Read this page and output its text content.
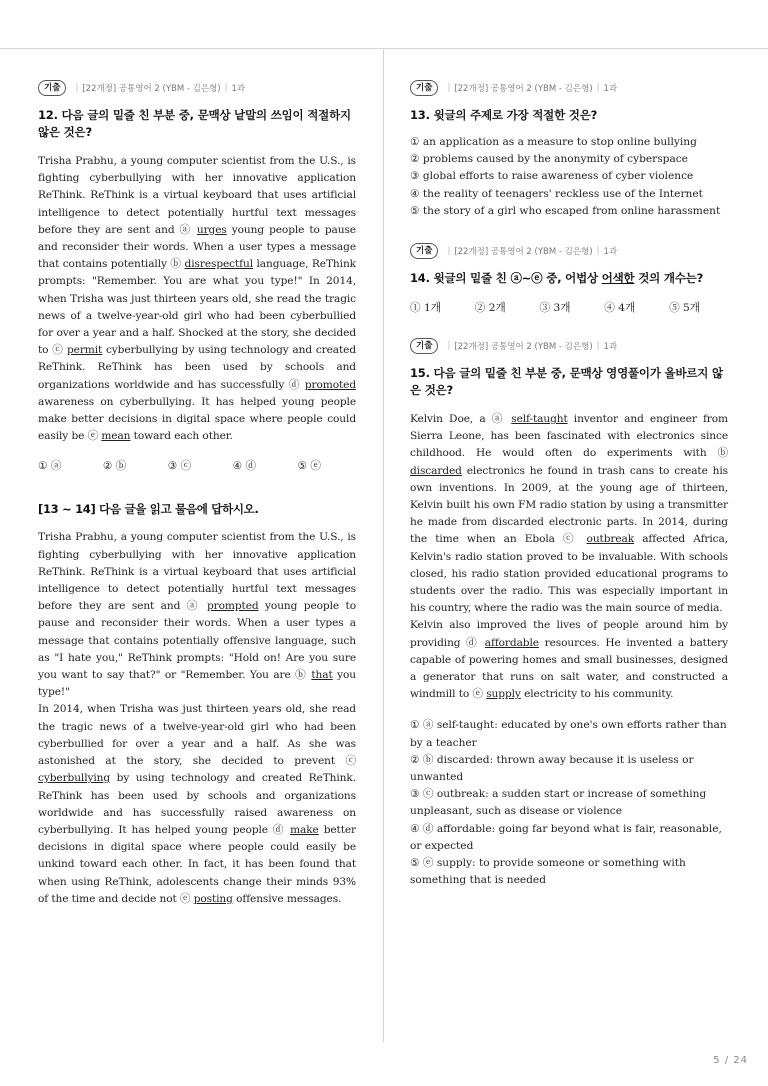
기출	| [22개정] 공통영어 2 (YBM - 김은형) | 1과
12. 다음 글의 밑줄 친 부분 중, 문맥상 낱말의 쓰임이 적절하지 않은 것은?

Trisha Prabhu, a young computer scientist from the U.S., is fighting cyberbullying with her innovative application ReThink. ReThink is a virtual keyboard that uses artificial intelligence to detect potentially hurtful text messages before they are sent and ⓐ urges young people to pause and reconsider their words. When a user types a message that contains potentially ⓑ disrespectful language, ReThink prompts: "Remember. You are what you type!" In 2014, when Trisha was just thirteen years old, she read the tragic news of a twelve-year-old girl who had been cyberbullied for over a year and a half. Shocked at the story, she decided to ⓒ permit cyberbullying by using technology and created ReThink. ReThink has been used by schools and organizations worldwide and has successfully ⓓ promoted awareness on cyberbullying. It has helped young people make better decisions in digital space where people could easily be ⓔ mean toward each other.

① ⓐ	② ⓑ	③ ⓒ	④ ⓓ	⑤ ⓔ
[13 ~ 14] 다음 글을 읽고 물음에 답하시오.

Trisha Prabhu, a young computer scientist from the U.S., is fighting cyberbullying with her innovative application ReThink. ReThink is a virtual keyboard that uses artificial intelligence to detect potentially hurtful text messages before they are sent and ⓐ prompted young people to pause and reconsider their words. When a user types a message that contains potentially offensive language, such as "I hate you," ReThink prompts: "Hold on! Are you sure you want to say that?" or "Remember. You are ⓑ that you type!"

In 2014, when Trisha was just thirteen years old, she read the tragic news of a twelve-year-old girl who had been cyberbullied for over a year and a half. As she was astonished at the story, she decided to prevent ⓒ cyberbullying by using technology and created ReThink. ReThink has been used by schools and organizations worldwide and has successfully raised awareness on cyberbullying. It has helped young people ⓓ make better decisions in digital space where people could easily be unkind toward each other. In fact, it has been found that when using ReThink, adolescents change their minds 93% of the time and decide not ⓔ posting offensive messages.

기출	| [22개정] 공통영어 2 (YBM - 김은형) | 1과
13. 윗글의 주제로 가장 적절한 것은?
① an application as a measure to stop online bullying
② problems caused by the anonymity of cyberspace
③ global efforts to raise awareness of cyber violence
④ the reality of teenagers' reckless use of the Internet
⑤ the story of a girl who escaped from online harassment
기출	| [22개정] 공통영어 2 (YBM - 김은형) | 1과
14. 윗글의 밑줄 친 ⓐ~ⓔ 중, 어법상 어색한 것의 개수는?
① 1개	② 2개	③ 3개	④ 4개	⑤ 5개
기출	| [22개정] 공통영어 2 (YBM - 김은형) | 1과
15. 다음 글의 밑줄 친 부분 중, 문맥상 영영풀이가 올바르지 않은 것은?

Kelvin Doe, a ⓐ self-taught inventor and engineer from Sierra Leone, has been fascinated with electronics since childhood. He would often do experiments with ⓑ discarded electronics he found in trash cans to create his own inventions. In 2009, at the young age of thirteen, Kelvin built his own FM radio station by using a transmitter he made from discarded electronic parts. In 2014, during the time when an Ebola ⓒ outbreak affected Africa, Kelvin's radio station proved to be invaluable. With schools closed, his radio station provided educational programs to students over the radio. This was especially important in his country, where the radio was the main source of media.

Kelvin also improved the lives of people around him by providing ⓓ affordable resources. He invented a battery capable of powering homes and small businesses, designed a generator that runs on salt water, and constructed a windmill to ⓔ supply electricity to his community.

① ⓐ self-taught: educated by one's own efforts rather than by a teacher
② ⓑ discarded: thrown away because it is useless or unwanted
③ ⓒ outbreak: a sudden start or increase of something unpleasant, such as disease or violence
④ ⓓ affordable: going far beyond what is fair, reasonable, or expected
⑤ ⓔ supply: to provide someone or something with something that is needed
5 / 24
